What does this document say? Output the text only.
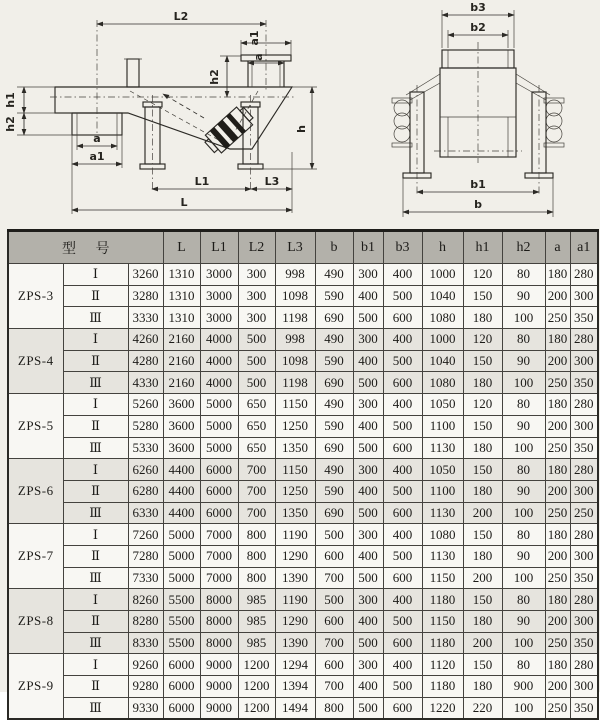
L2
a1
a
h2
h1
h2
a
a1
L1	L3
L
h
b3
b2
b1
b
型 号			L	L1	L2	L3	b	b1	b3	h	h1	h2	a	a1
ZPS-3	Ⅰ	3260	1310	3000	300	998	490	300	400	1000	120	80	180	280
	Ⅱ	3280	1310	3000	300	1098	590	400	500	1040	150	90	200	300
	Ⅲ	3330	1310	3000	300	1198	690	500	600	1080	180	100	250	350
ZPS-4	Ⅰ	4260	2160	4000	500	998	490	300	400	1000	120	80	180	280
	Ⅱ	4280	2160	4000	500	1098	590	400	500	1040	150	90	200	300
	Ⅲ	4330	2160	4000	500	1198	690	500	600	1080	180	100	250	350
ZPS-5	Ⅰ	5260	3600	5000	650	1150	490	300	400	1050	120	80	180	280
	Ⅱ	5280	3600	5000	650	1250	590	400	500	1100	150	90	200	300
	Ⅲ	5330	3600	5000	650	1350	690	500	600	1130	180	100	250	350
ZPS-6	Ⅰ	6260	4400	6000	700	1150	490	300	400	1050	150	80	180	280
	Ⅱ	6280	4400	6000	700	1250	590	400	500	1100	180	90	200	300
	Ⅲ	6330	4400	6000	700	1350	690	500	600	1130	200	100	250	250
ZPS-7	Ⅰ	7260	5000	7000	800	1190	500	300	400	1080	150	80	180	280
	Ⅱ	7280	5000	7000	800	1290	600	400	500	1130	180	90	200	300
	Ⅲ	7330	5000	7000	800	1390	700	500	600	1150	200	100	250	350
ZPS-8	Ⅰ	8260	5500	8000	985	1190	500	300	400	1180	150	80	180	280
	Ⅱ	8280	5500	8000	985	1290	600	400	500	1150	180	90	200	300
	Ⅲ	8330	5500	8000	985	1390	700	500	600	1180	200	100	250	350
ZPS-9	Ⅰ	9260	6000	9000	1200	1294	600	300	400	1120	150	80	180	280
	Ⅱ	9280	6000	9000	1200	1394	700	400	500	1180	180	900	200	300
	Ⅲ	9330	6000	9000	1200	1494	800	500	600	1220	220	100	250	350
